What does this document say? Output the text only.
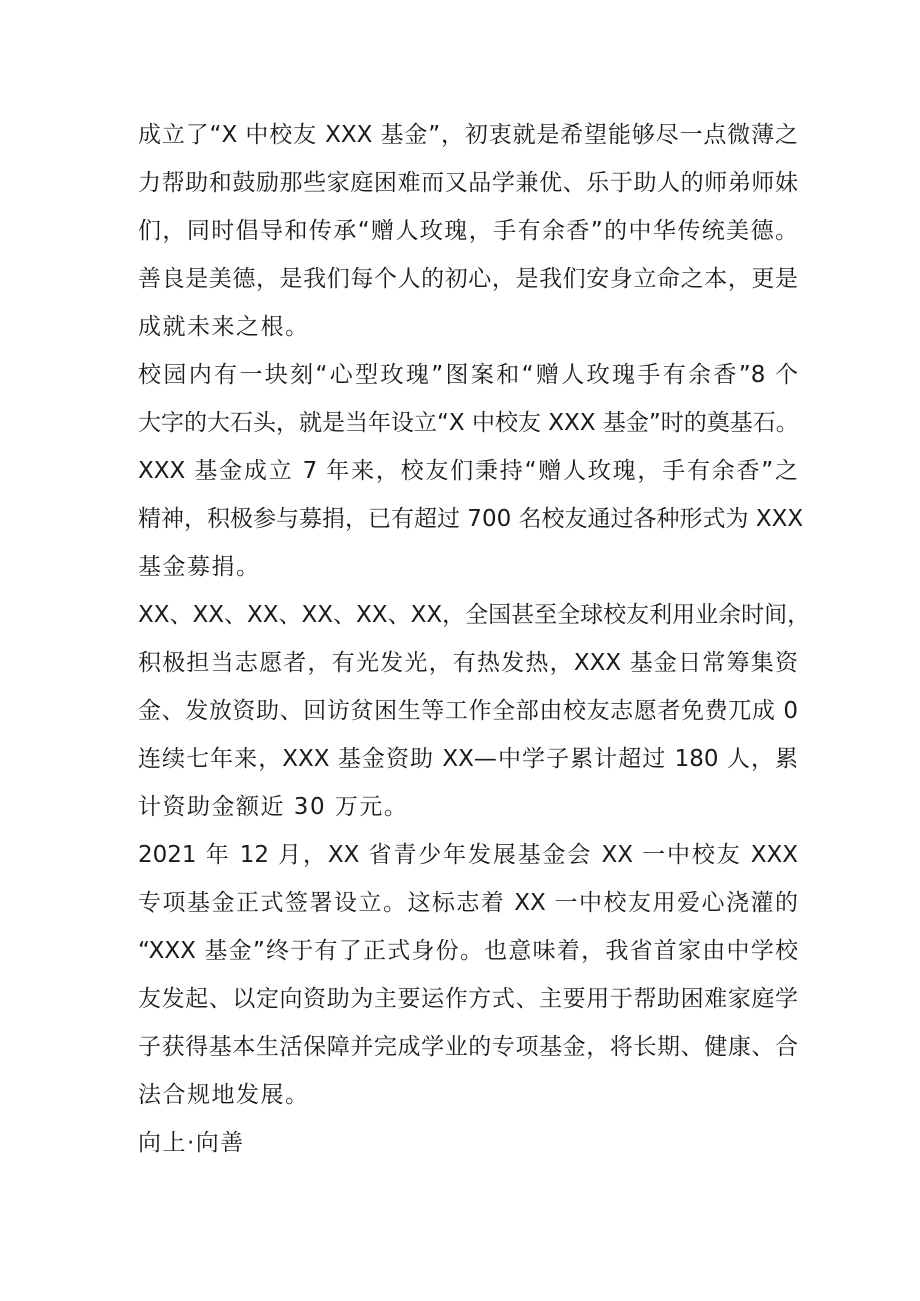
成立了“X 中校友 XXX 基金”，初衷就是希望能够尽一点微薄之
力帮助和鼓励那些家庭困难而又品学兼优、乐于助人的师弟师妹
们，同时倡导和传承“赠人玫瑰，手有余香”的中华传统美德。
善良是美德，是我们每个人的初心，是我们安身立命之本，更是
成就未来之根。
校园内有一块刻“心型玫瑰”图案和“赠人玫瑰手有余香”8 个
大字的大石头，就是当年设立“X 中校友 XXX 基金”时的奠基石。
XXX 基金成立 7 年来，校友们秉持“赠人玫瑰，手有余香”之
精神，积极参与募捐，已有超过 700 名校友通过各种形式为 XXX
基金募捐。
XX、XX、XX、XX、XX、XX，全国甚至全球校友利用业余时间，
积极担当志愿者，有光发光，有热发热，XXX 基金日常筹集资
金、发放资助、回访贫困生等工作全部由校友志愿者免费兀成 0
连续七年来，XXX 基金资助 XX—中学子累计超过 180 人，累
计资助金额近 30 万元。
2021 年 12 月，XX 省青少年发展基金会 XX 一中校友 XXX
专项基金正式签署设立。这标志着 XX 一中校友用爱心浇灌的
“XXX 基金”终于有了正式身份。也意味着，我省首家由中学校
友发起、以定向资助为主要运作方式、主要用于帮助困难家庭学
子获得基本生活保障并完成学业的专项基金，将长期、健康、合
法合规地发展。
向上·向善
